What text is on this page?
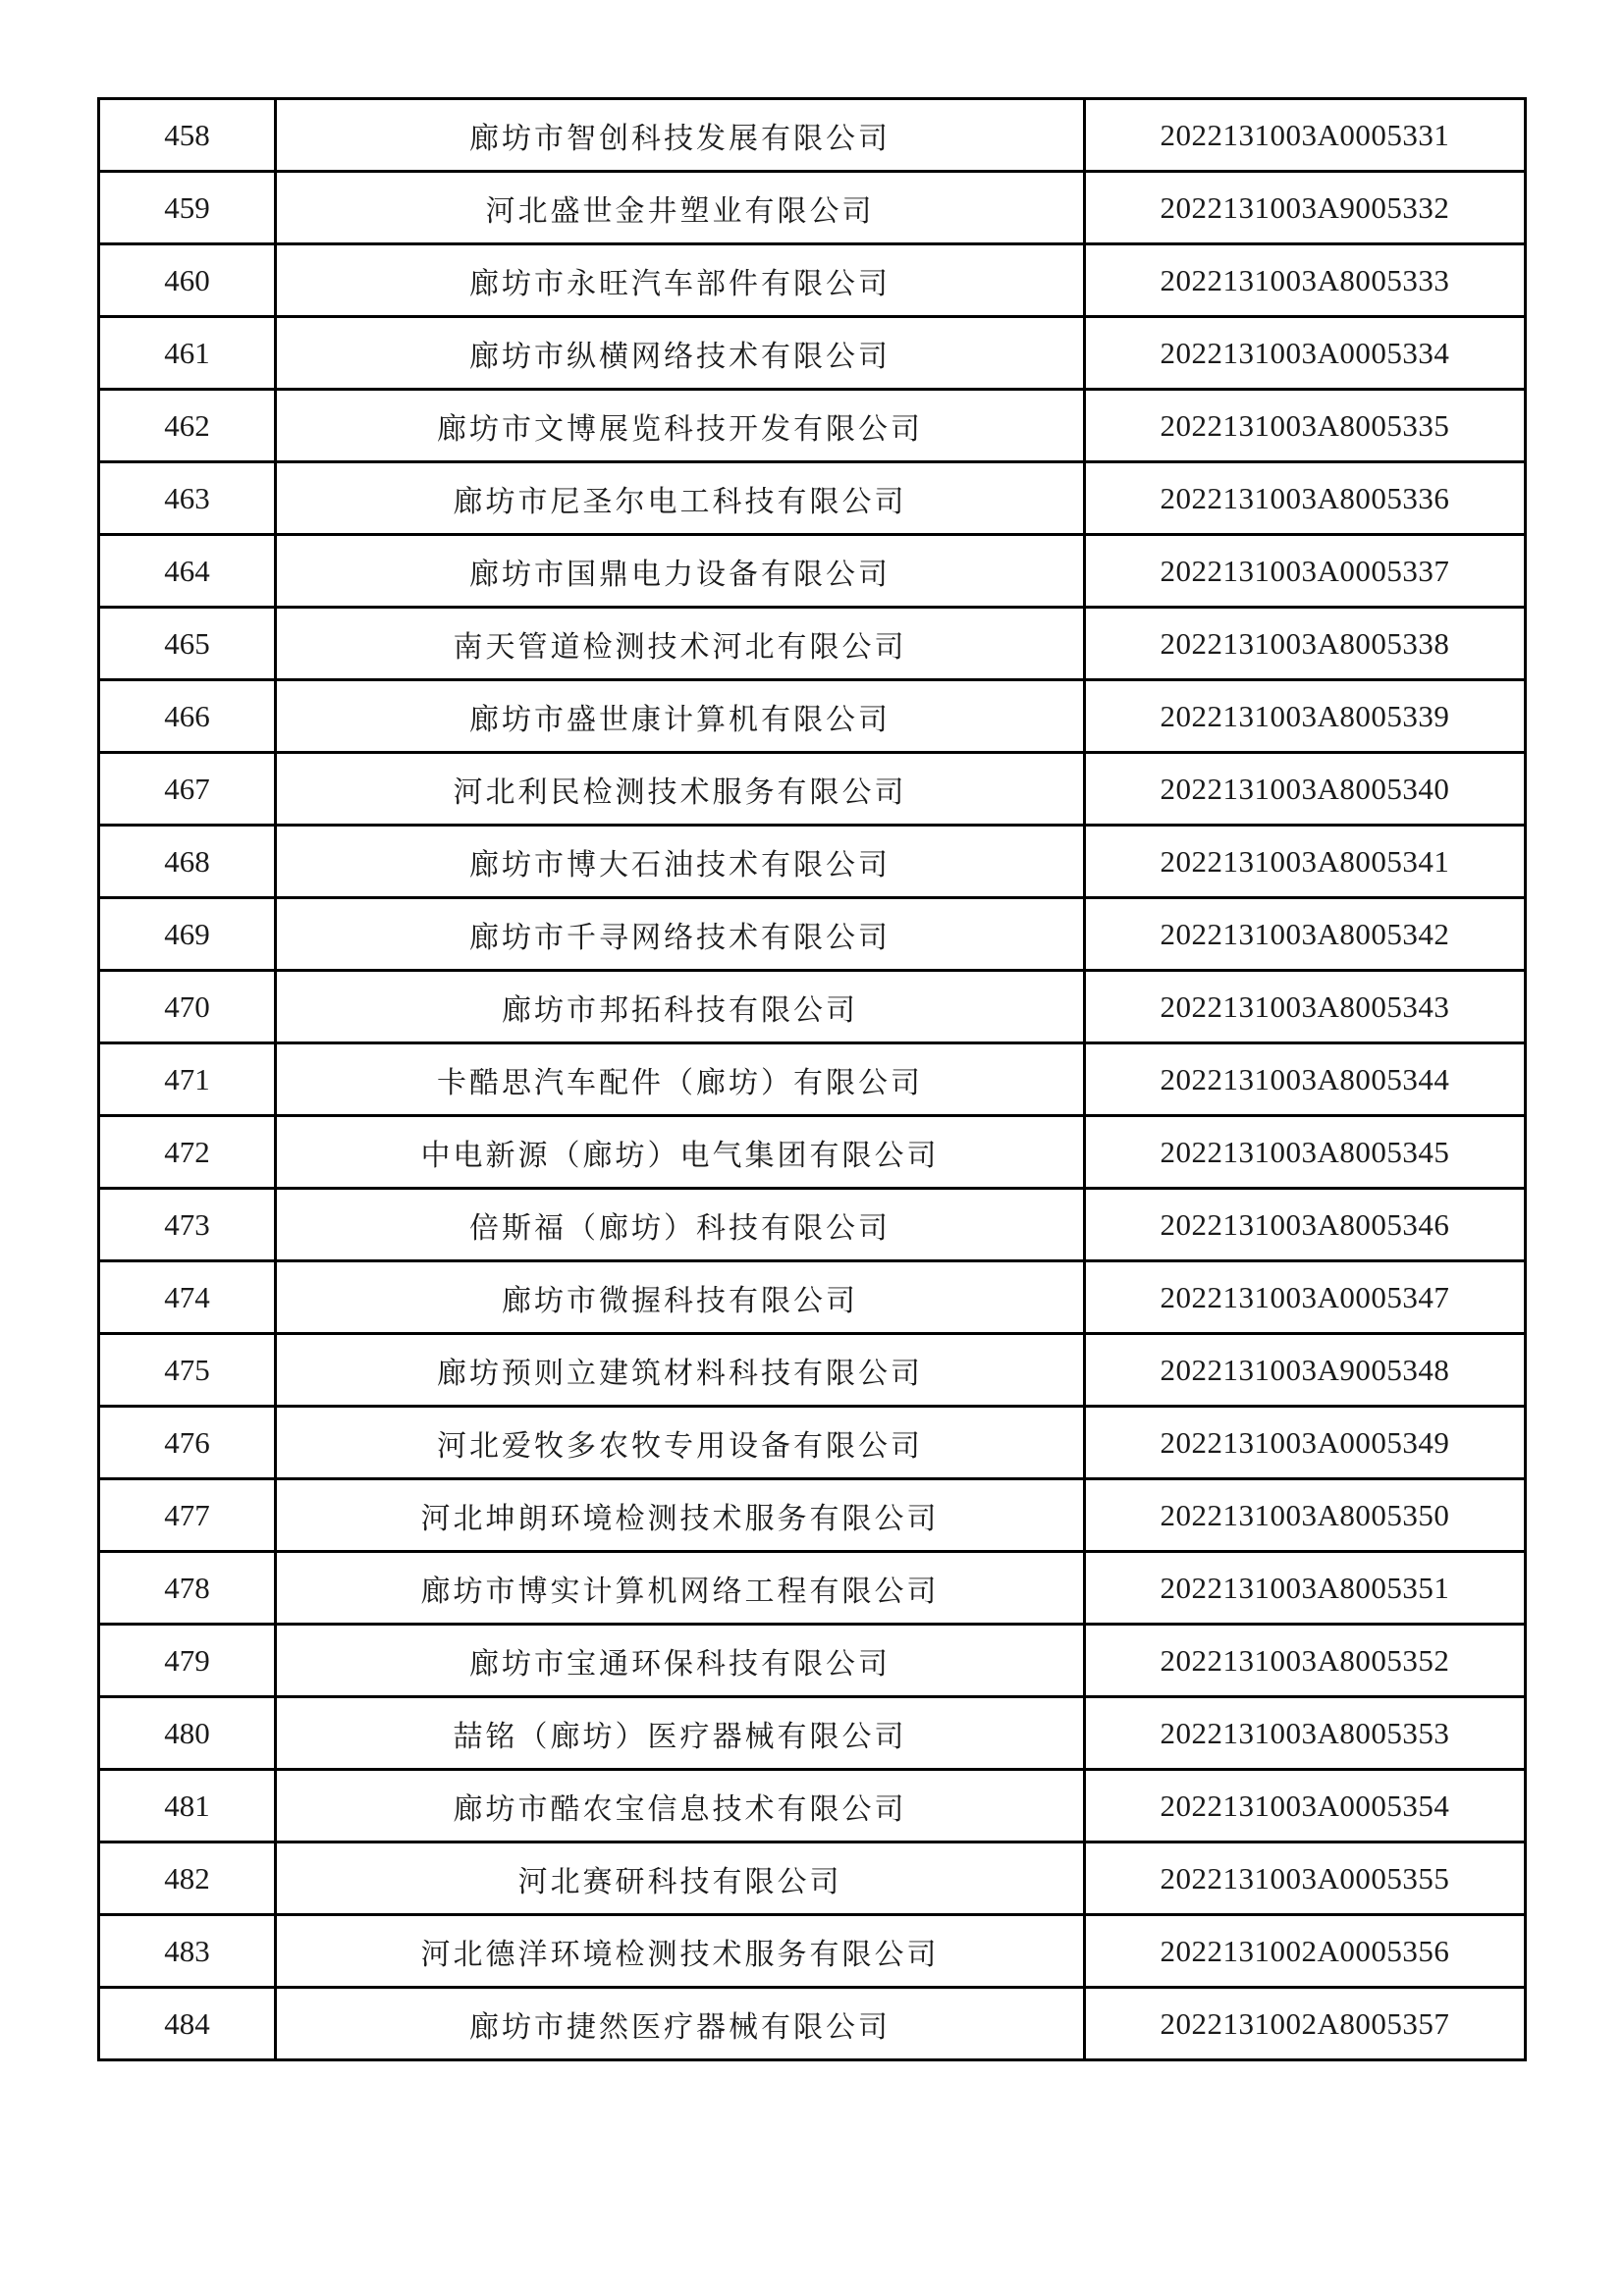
458	廊坊市智创科技发展有限公司	2022131003A0005331
459	河北盛世金井塑业有限公司	2022131003A9005332
460	廊坊市永旺汽车部件有限公司	2022131003A8005333
461	廊坊市纵横网络技术有限公司	2022131003A0005334
462	廊坊市文博展览科技开发有限公司	2022131003A8005335
463	廊坊市尼圣尔电工科技有限公司	2022131003A8005336
464	廊坊市国鼎电力设备有限公司	2022131003A0005337
465	南天管道检测技术河北有限公司	2022131003A8005338
466	廊坊市盛世康计算机有限公司	2022131003A8005339
467	河北利民检测技术服务有限公司	2022131003A8005340
468	廊坊市博大石油技术有限公司	2022131003A8005341
469	廊坊市千寻网络技术有限公司	2022131003A8005342
470	廊坊市邦拓科技有限公司	2022131003A8005343
471	卡酷思汽车配件（廊坊）有限公司	2022131003A8005344
472	中电新源（廊坊）电气集团有限公司	2022131003A8005345
473	倍斯福（廊坊）科技有限公司	2022131003A8005346
474	廊坊市微握科技有限公司	2022131003A0005347
475	廊坊预则立建筑材料科技有限公司	2022131003A9005348
476	河北爱牧多农牧专用设备有限公司	2022131003A0005349
477	河北坤朗环境检测技术服务有限公司	2022131003A8005350
478	廊坊市博实计算机网络工程有限公司	2022131003A8005351
479	廊坊市宝通环保科技有限公司	2022131003A8005352
480	喆铭（廊坊）医疗器械有限公司	2022131003A8005353
481	廊坊市酷农宝信息技术有限公司	2022131003A0005354
482	河北赛研科技有限公司	2022131003A0005355
483	河北德洋环境检测技术服务有限公司	2022131002A0005356
484	廊坊市捷然医疗器械有限公司	2022131002A8005357
